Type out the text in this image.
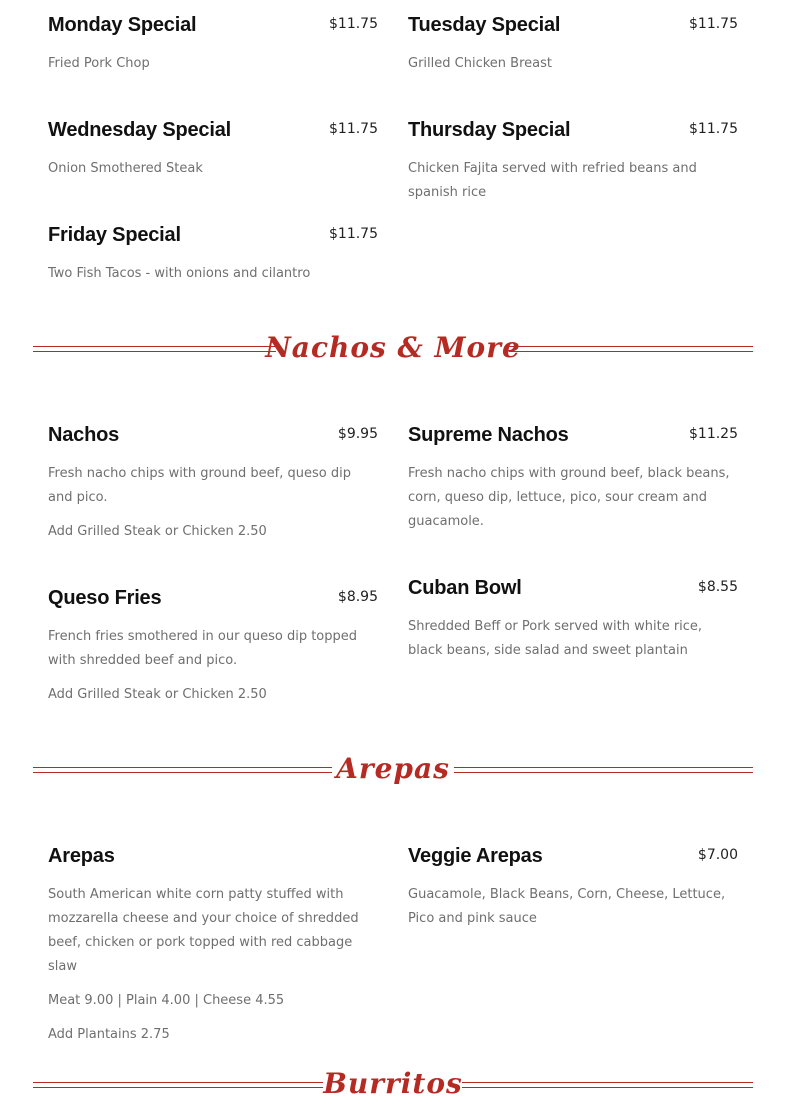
Monday Special	$11.75
Fried Pork Chop
Tuesday Special	$11.75
Grilled Chicken Breast
Wednesday Special	$11.75
Onion Smothered Steak
Thursday Special	$11.75
Chicken Fajita served with refried beans and spanish rice
Friday Special	$11.75
Two Fish Tacos - with onions and cilantro
Nachos & More
Nachos	$9.95
Fresh nacho chips with ground beef, queso dip and pico.
Add Grilled Steak or Chicken 2.50
Supreme Nachos	$11.25
Fresh nacho chips with ground beef, black beans, corn, queso dip, lettuce, pico, sour cream and guacamole.
Queso Fries	$8.95
French fries smothered in our queso dip topped with shredded beef and pico.
Add Grilled Steak or Chicken 2.50
Cuban Bowl	$8.55
Shredded Beff or Pork served with white rice, black beans, side salad and sweet plantain
Arepas
Arepas
South American white corn patty stuffed with mozzarella cheese and your choice of shredded beef, chicken or pork topped with red cabbage slaw
Meat 9.00 | Plain 4.00 | Cheese 4.55
Add Plantains 2.75
Veggie Arepas	$7.00
Guacamole, Black Beans, Corn, Cheese, Lettuce, Pico and pink sauce
Burritos
